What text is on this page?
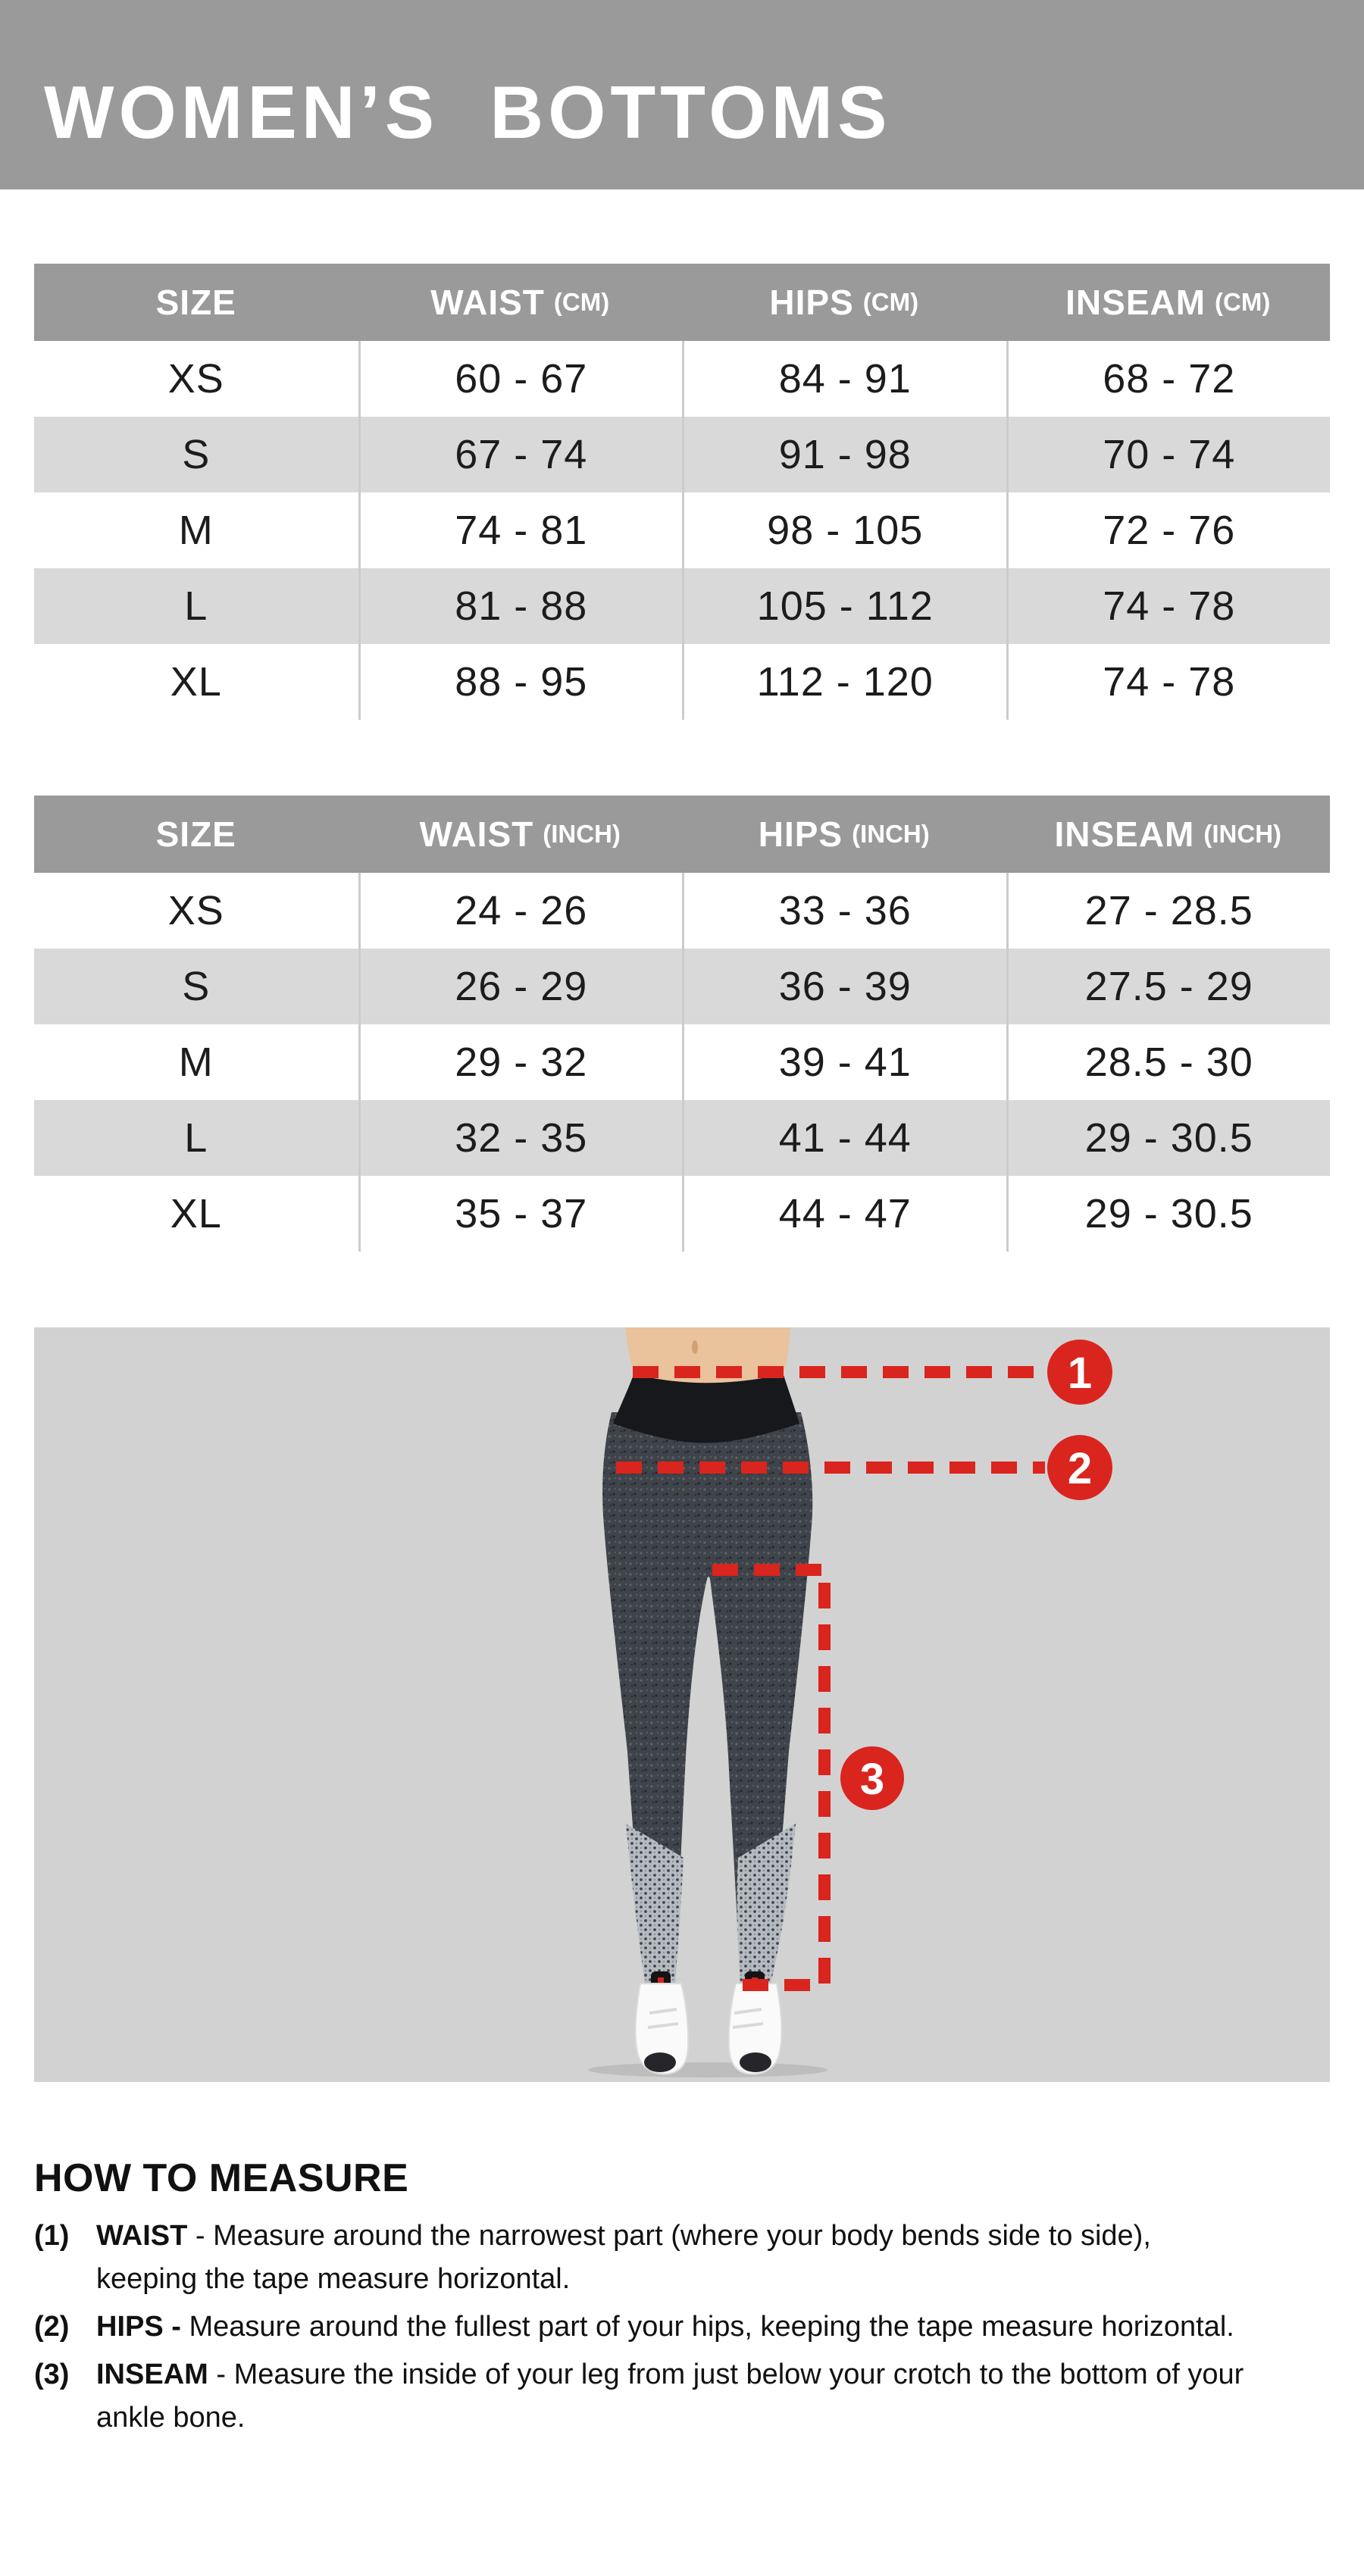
WOMEN’S BOTTOMS
SIZE	WAIST (CM)	HIPS (CM)	INSEAM (CM)
XS	60 - 67	84 - 91	68 - 72
S	67 - 74	91 - 98	70 - 74
M	74 - 81	98 - 105	72 - 76
L	81 - 88	105 - 112	74 - 78
XL	88 - 95	112 - 120	74 - 78
SIZE	WAIST (INCH)	HIPS (INCH)	INSEAM (INCH)
XS	24 - 26	33 - 36	27 - 28.5
S	26 - 29	36 - 39	27.5 - 29
M	29 - 32	39 - 41	28.5 - 30
L	32 - 35	41 - 44	29 - 30.5
XL	35 - 37	44 - 47	29 - 30.5
1
2
3
HOW TO MEASURE
(1) WAIST - Measure around the narrowest part (where your body bends side to side), keeping the tape measure horizontal.
(2) HIPS - Measure around the fullest part of your hips, keeping the tape measure horizontal.
(3) INSEAM - Measure the inside of your leg from just below your crotch to the bottom of your ankle bone.
